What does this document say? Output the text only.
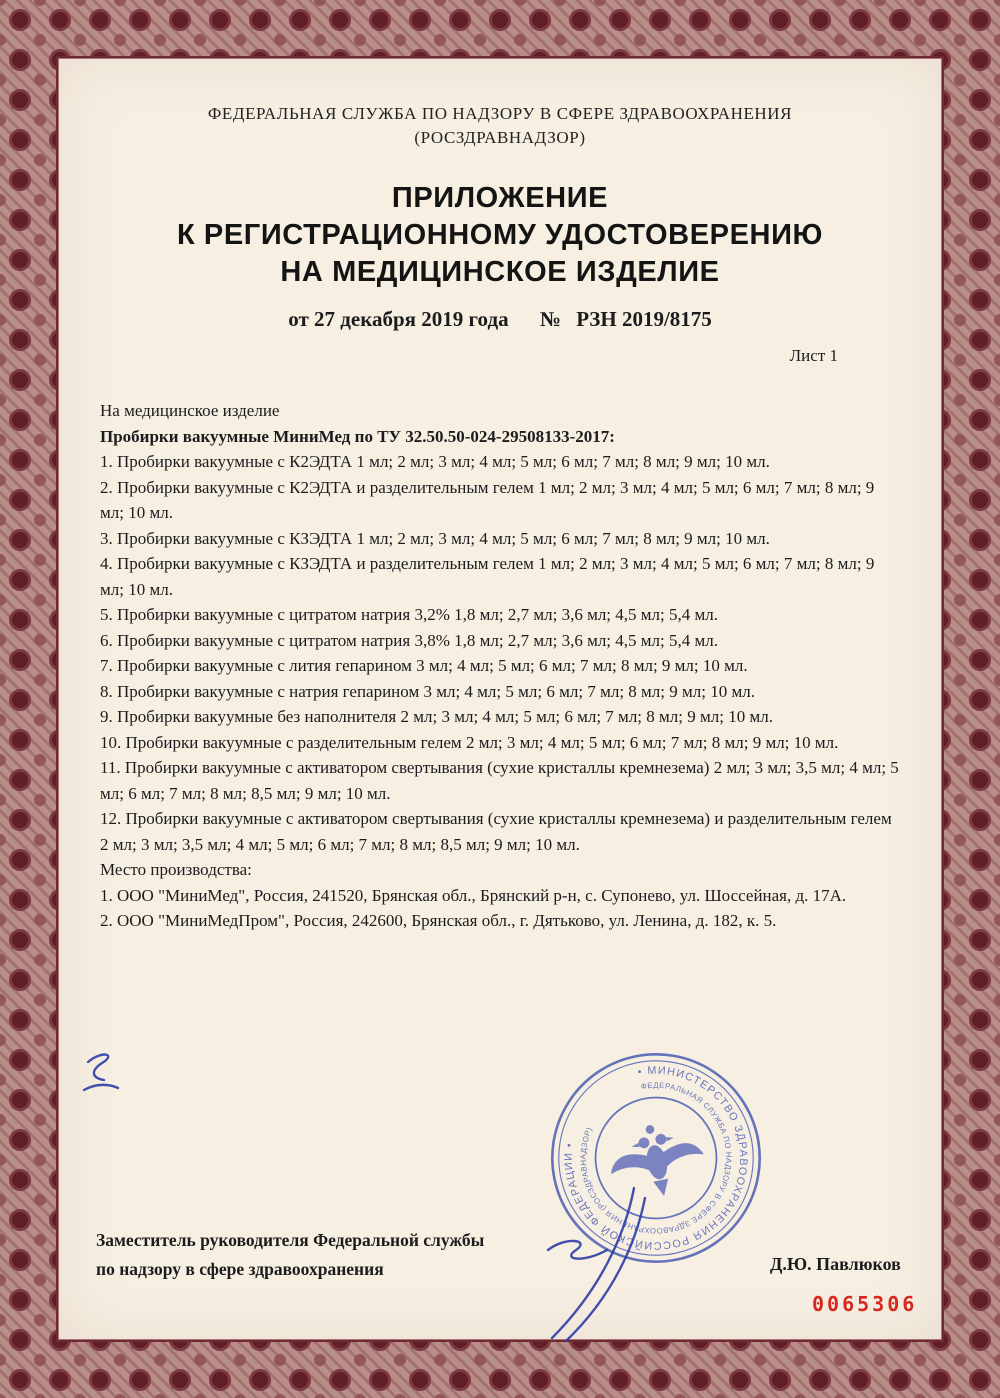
ФЕДЕРАЛЬНАЯ СЛУЖБА ПО НАДЗОРУ В СФЕРЕ ЗДРАВООХРАНЕНИЯ
(РОСЗДРАВНАДЗОР)
ПРИЛОЖЕНИЕ
К РЕГИСТРАЦИОННОМУ УДОСТОВЕРЕНИЮ
НА МЕДИЦИНСКОЕ ИЗДЕЛИЕ
от 27 декабря 2019 года № РЗН 2019/8175
Лист 1

На медицинское изделие

Пробирки вакуумные МиниМед по ТУ 32.50.50-024-29508133-2017:

1. Пробирки вакуумные с К2ЭДТА 1 мл; 2 мл; 3 мл; 4 мл; 5 мл; 6 мл; 7 мл; 8 мл; 9 мл; 10 мл.

2. Пробирки вакуумные с К2ЭДТА и разделительным гелем 1 мл; 2 мл; 3 мл; 4 мл; 5 мл; 6 мл; 7 мл; 8 мл; 9 мл; 10 мл.

3. Пробирки вакуумные с КЗЭДТА 1 мл; 2 мл; 3 мл; 4 мл; 5 мл; 6 мл; 7 мл; 8 мл; 9 мл; 10 мл.

4. Пробирки вакуумные с КЗЭДТА и разделительным гелем 1 мл; 2 мл; 3 мл; 4 мл; 5 мл; 6 мл; 7 мл; 8 мл; 9 мл; 10 мл.

5. Пробирки вакуумные с цитратом натрия 3,2% 1,8 мл; 2,7 мл; 3,6 мл; 4,5 мл; 5,4 мл.

6. Пробирки вакуумные с цитратом натрия 3,8% 1,8 мл; 2,7 мл; 3,6 мл; 4,5 мл; 5,4 мл.

7. Пробирки вакуумные с лития гепарином 3 мл; 4 мл; 5 мл; 6 мл; 7 мл; 8 мл; 9 мл; 10 мл.

8. Пробирки вакуумные с натрия гепарином 3 мл; 4 мл; 5 мл; 6 мл; 7 мл; 8 мл; 9 мл; 10 мл.

9. Пробирки вакуумные без наполнителя 2 мл; 3 мл; 4 мл; 5 мл; 6 мл; 7 мл; 8 мл; 9 мл; 10 мл.

10. Пробирки вакуумные с разделительным гелем 2 мл; 3 мл; 4 мл; 5 мл; 6 мл; 7 мл; 8 мл; 9 мл; 10 мл.

11. Пробирки вакуумные с активатором свертывания (сухие кристаллы кремнезема) 2 мл; 3 мл; 3,5 мл; 4 мл; 5 мл; 6 мл; 7 мл; 8 мл; 8,5 мл; 9 мл; 10 мл.

12. Пробирки вакуумные с активатором свертывания (сухие кристаллы кремнезема) и разделительным гелем 2 мл; 3 мл; 3,5 мл; 4 мл; 5 мл; 6 мл; 7 мл; 8 мл; 8,5 мл; 9 мл; 10 мл.

Место производства:

1. ООО "МиниМед", Россия, 241520, Брянская обл., Брянский р-н, с. Супонево, ул. Шоссейная, д. 17А.

2. ООО "МиниМедПром", Россия, 242600, Брянская обл., г. Дятьково, ул. Ленина, д. 182, к. 5.

• МИНИСТЕРСТВО ЗДРАВООХРАНЕНИЯ РОССИЙСКОЙ ФЕДЕРАЦИИ •
ФЕДЕРАЛЬНАЯ СЛУЖБА ПО НАДЗОРУ В СФЕРЕ ЗДРАВООХРАНЕНИЯ (РОСЗДРАВНАДЗОР)
Заместитель руководителя Федеральной службы
по надзору в сфере здравоохранения	Д.Ю. Павлюков
0065306
